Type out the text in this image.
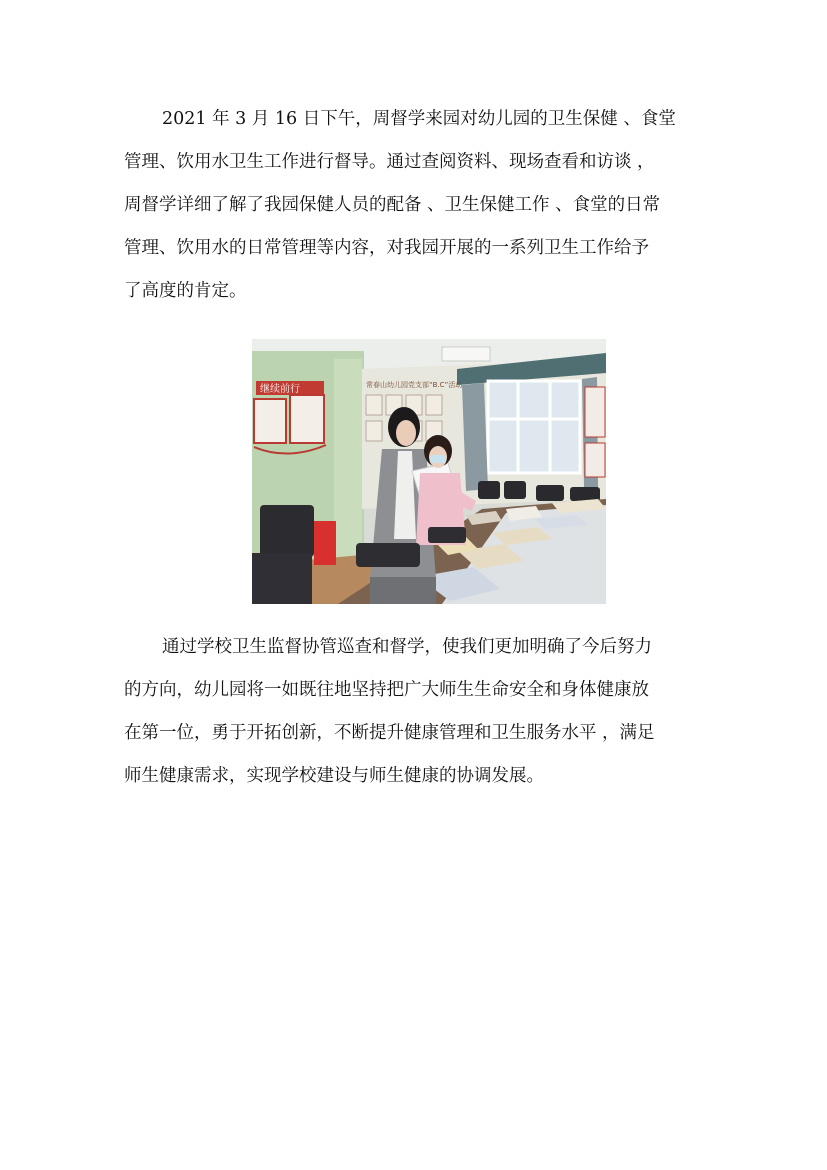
2021 年 3 月 16 日下午，周督学来园对幼儿园的卫生保健 、食堂
管理、饮用水卫生工作进行督导。通过查阅资料、现场查看和访谈 ，
周督学详细了解了我园保健人员的配备 、卫生保健工作 、食堂的日常
管理、饮用水的日常管理等内容，对我园开展的一系列卫生工作给予
了高度的肯定。
继续前行	常春山幼儿园党支部“B.C”活动
通过学校卫生监督协管巡查和督学，使我们更加明确了今后努力
的方向，幼儿园将一如既往地坚持把广大师生生命安全和身体健康放
在第一位，勇于开拓创新，不断提升健康管理和卫生服务水平 ，满足
师生健康需求，实现学校建设与师生健康的协调发展。
